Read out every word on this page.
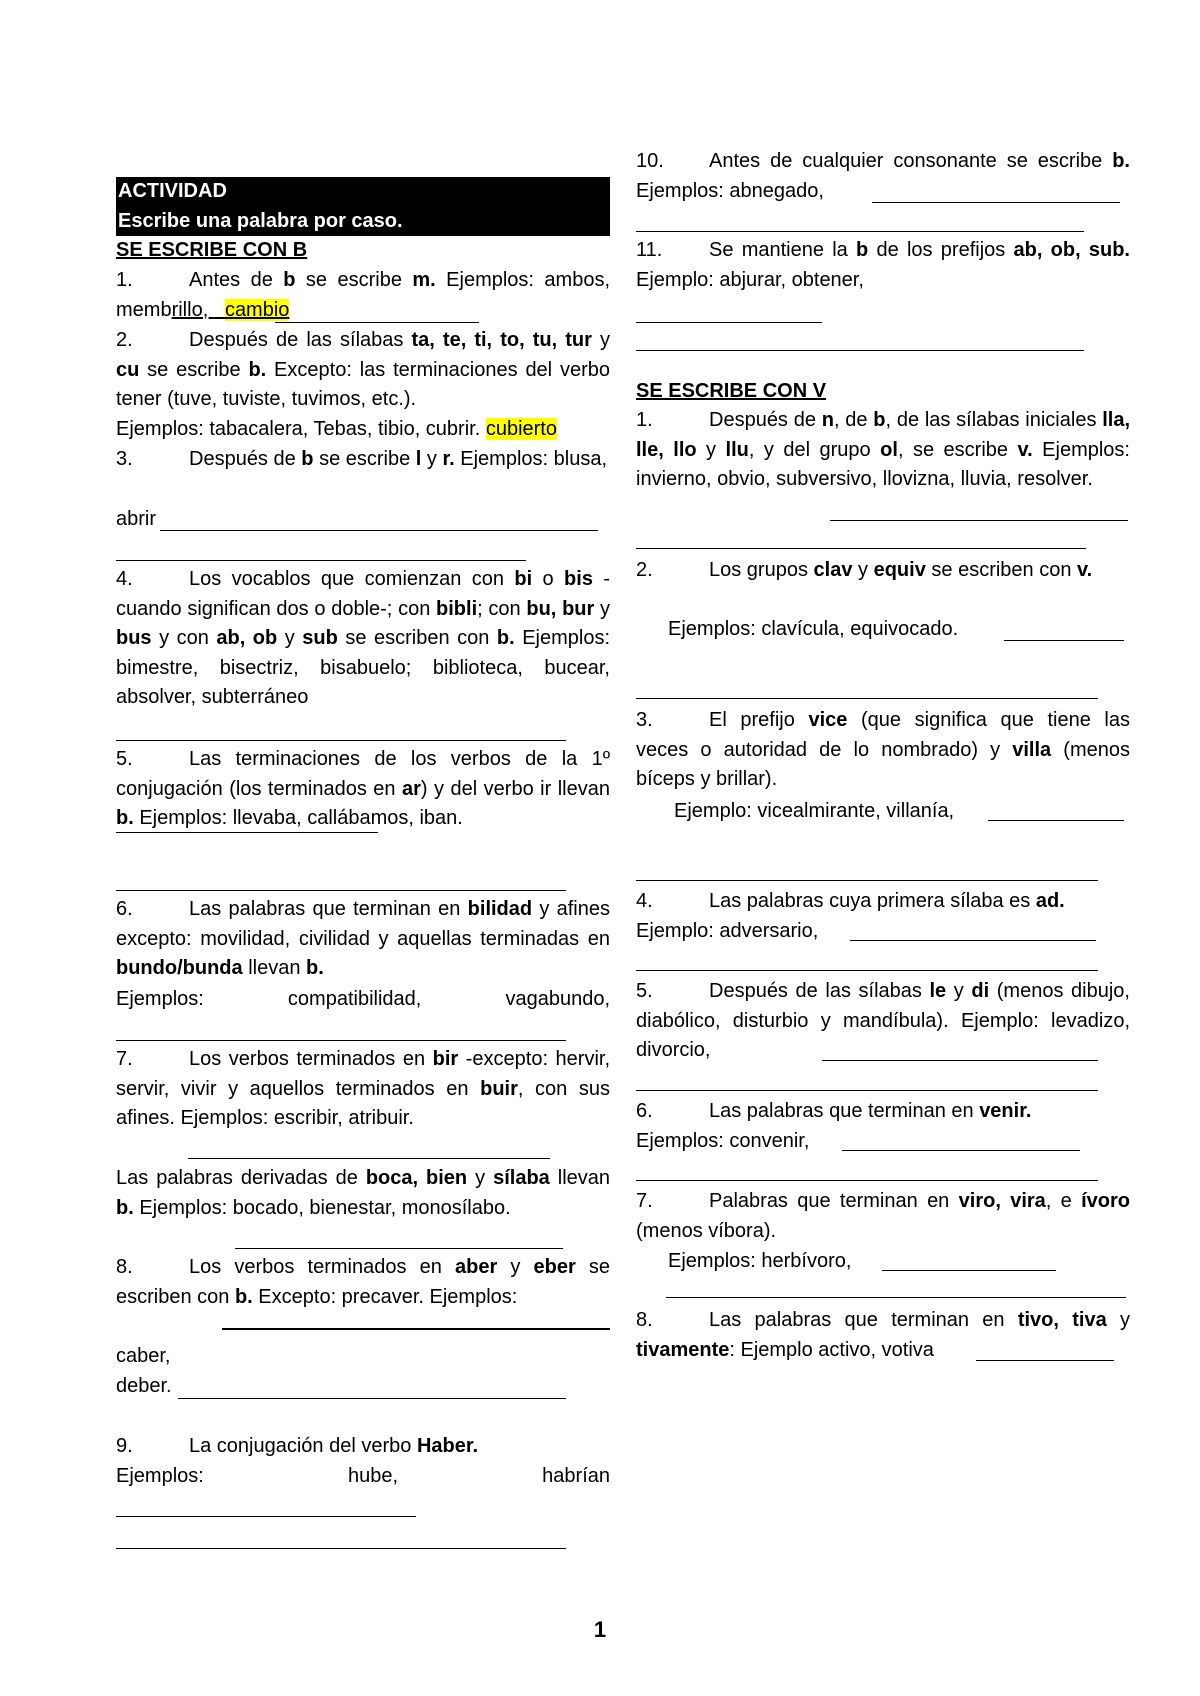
ACTIVIDAD
Escribe una palabra por caso.
SE ESCRIBE CON B
1.	Antes de b se escribe m. Ejemplos: ambos, membrillo,   cambio
2.	Después de las sílabas ta, te, ti, to, tu, tur y cu se escribe b. Excepto: las terminaciones del verbo tener (tuve, tuviste, tuvimos, etc.).
Ejemplos: tabacalera, Tebas, tibio, cubrir. cubierto
3.	Después de b se escribe l y r. Ejemplos: blusa,
abrir
4.	Los vocablos que comienzan con bi o bis -cuando significan dos o doble-; con bibli; con bu, bur y bus y con ab, ob y sub se escriben con b. Ejemplos: bimestre, bisectriz, bisabuelo; biblioteca, bucear, absolver, subterráneo
5.	Las terminaciones de los verbos de la 1º conjugación (los terminados en ar) y del verbo ir llevan b. Ejemplos: llevaba, callábamos, iban.
6.	Las palabras que terminan en bilidad y afines excepto: movilidad, civilidad y aquellas terminadas en bundo/bunda llevan b.
Ejemplos: compatibilidad, vagabundo,
7.	Los verbos terminados en bir -excepto: hervir, servir, vivir y aquellos terminados en buir, con sus afines. Ejemplos: escribir, atribuir.
Las palabras derivadas de boca, bien y sílaba llevan b. Ejemplos: bocado, bienestar, monosílabo.
8.	Los verbos terminados en aber y eber se escriben con b. Excepto: precaver. Ejemplos:
caber,
deber.
9.	La conjugación del verbo Haber.
Ejemplos: hube, habrían
10. Antes de cualquier consonante se escribe b. Ejemplos: abnegado,
11. Se mantiene la b de los prefijos ab, ob, sub. Ejemplo: abjurar, obtener,
SE ESCRIBE CON V
1.	Después de n, de b, de las sílabas iniciales lla, lle, llo y llu, y del grupo ol, se escribe v. Ejemplos: invierno, obvio, subversivo, llovizna, lluvia, resolver.
2.	Los grupos clav y equiv se escriben con v.
Ejemplos: clavícula, equivocado.
3.	El prefijo vice (que significa que tiene las veces o autoridad de lo nombrado) y villa (menos bíceps y brillar).
Ejemplo: vicealmirante, villanía,
4.	Las palabras cuya primera sílaba es ad.
Ejemplo: adversario,
5.	Después de las sílabas le y di (menos dibujo, diabólico, disturbio y mandíbula). Ejemplo: levadizo, divorcio,
6.	Las palabras que terminan en venir.
Ejemplos: convenir,
7.	Palabras que terminan en viro, vira, e ívoro (menos víbora).
Ejemplos: herbívoro,
8.	Las palabras que terminan en tivo, tiva y tivamente: Ejemplo activo, votiva
1
